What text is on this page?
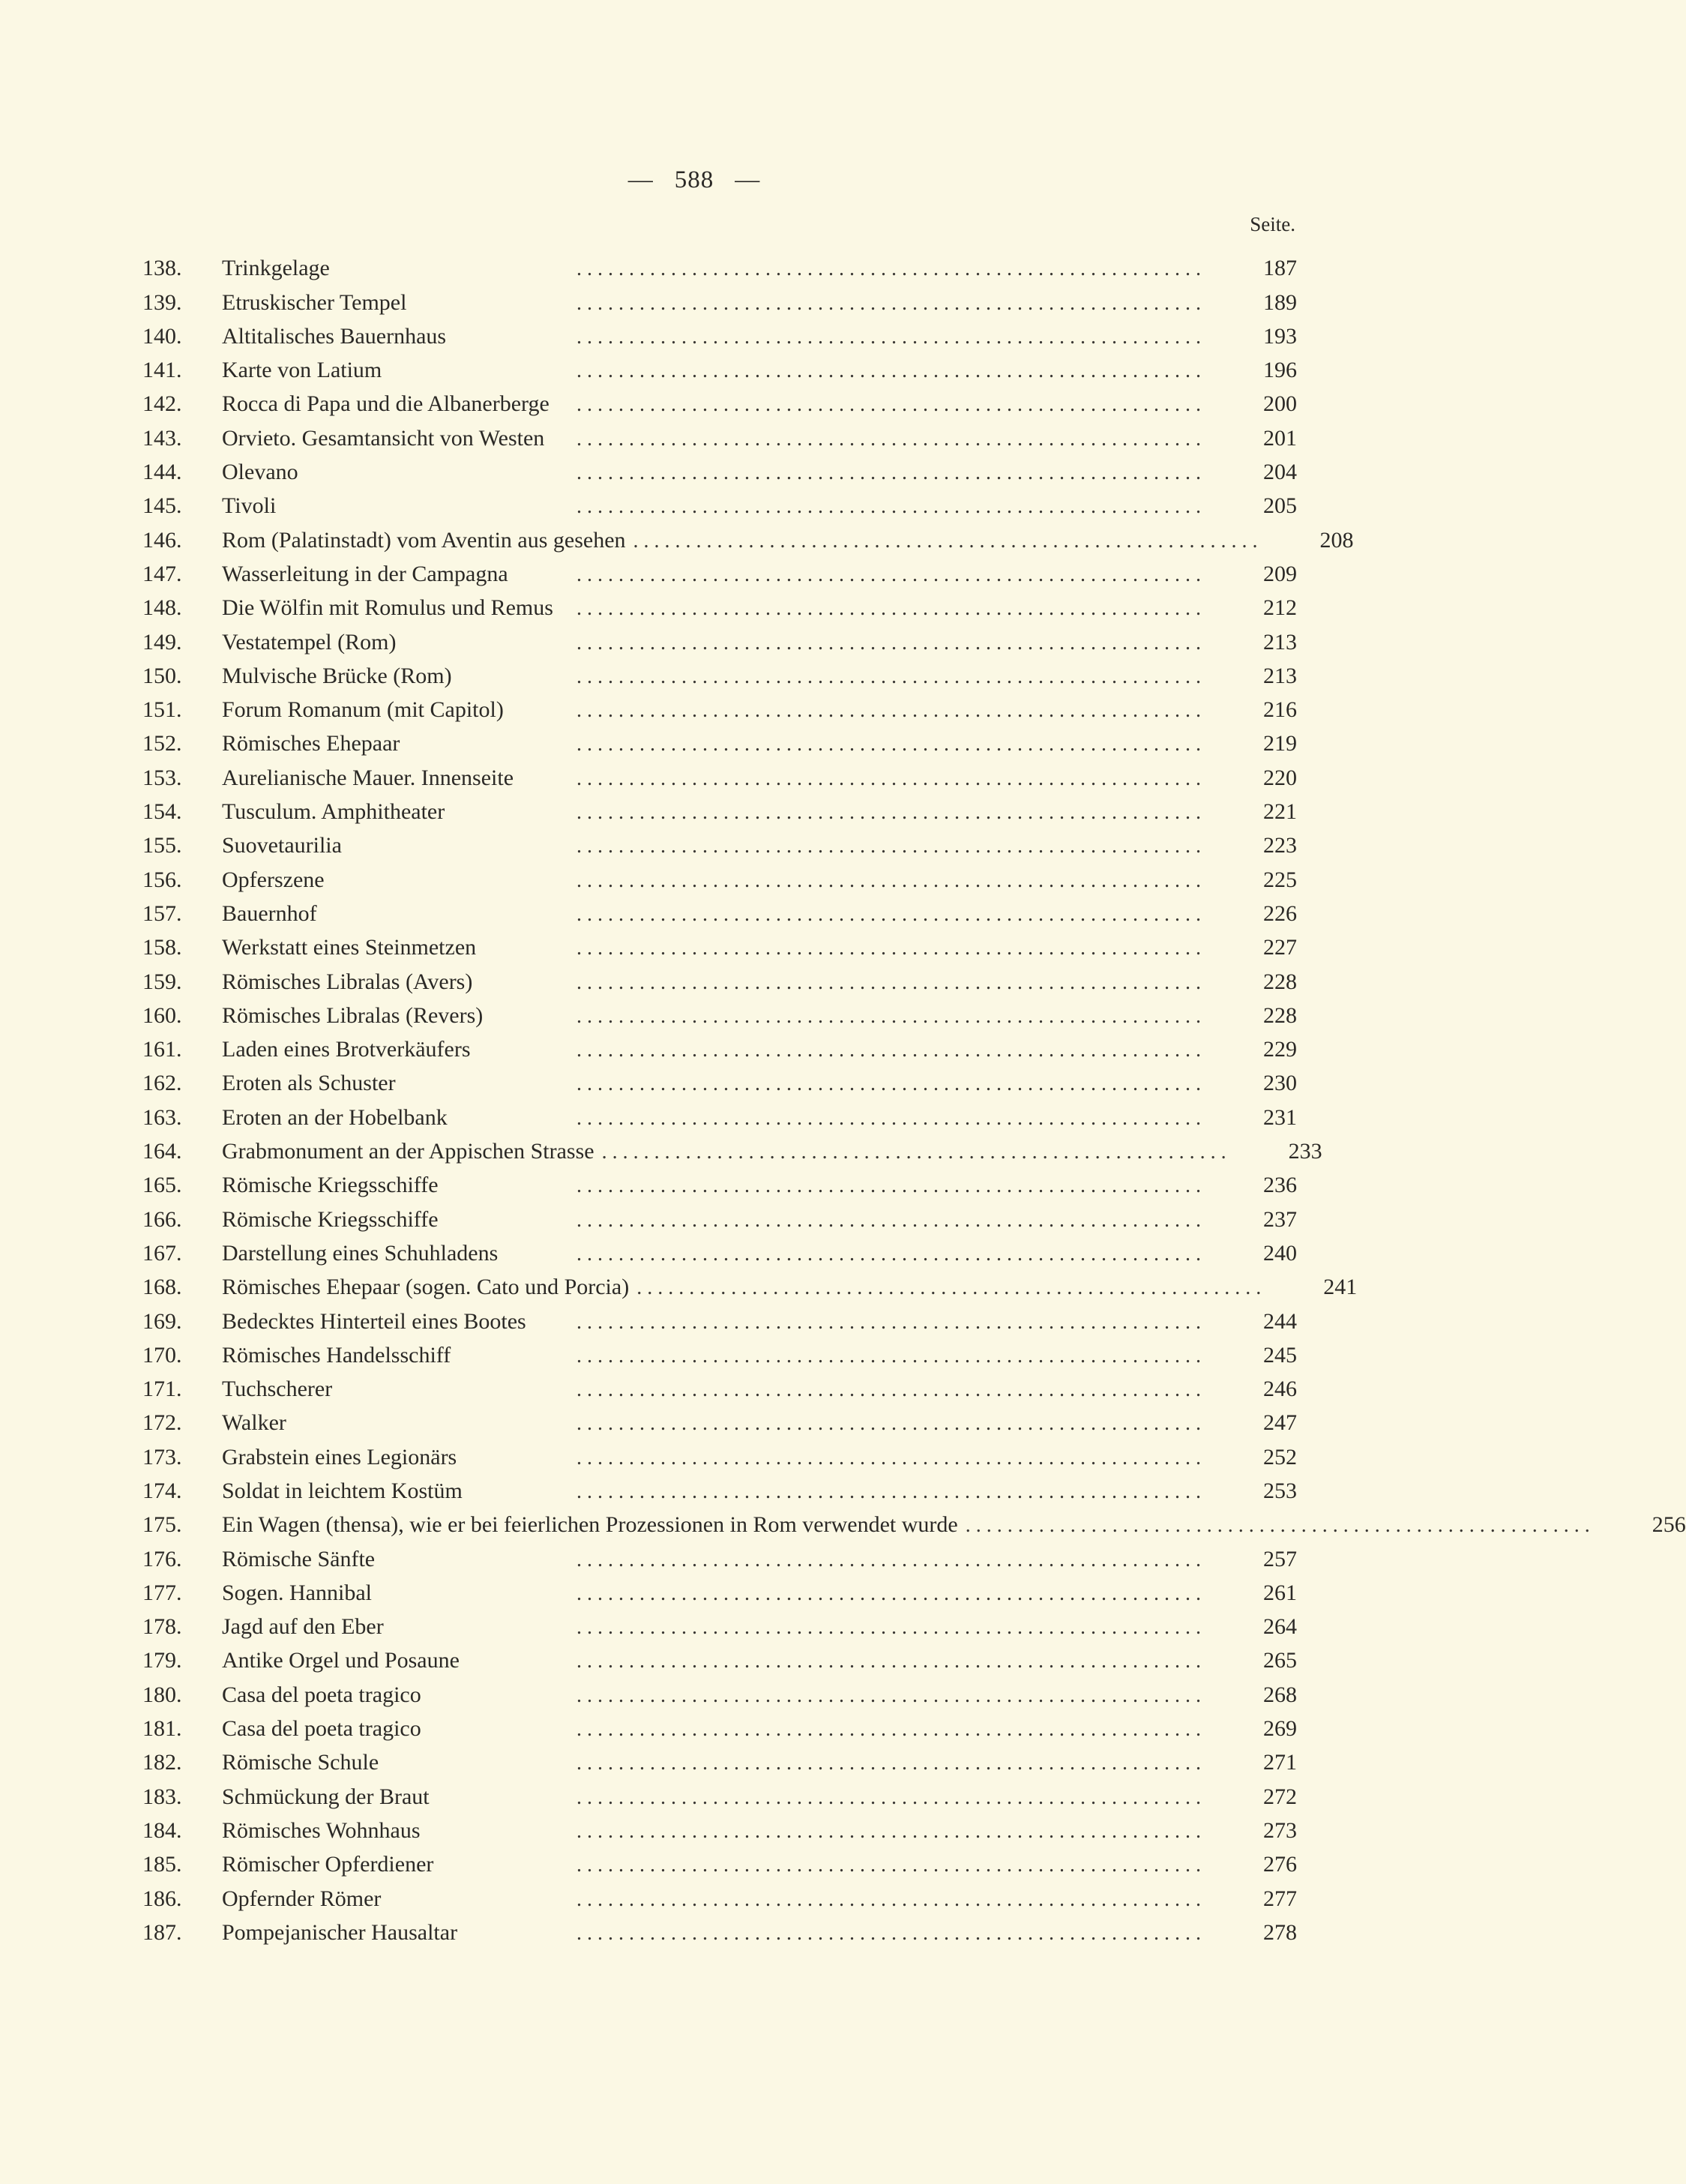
— 588 —
Seite.
138.	Trinkgelage	. . . . . . . . . . . . . . . . . . . . . . . . . . . . . . . . . . . . . . . . . . . . . . . . . . . . . . . . . . . .	187
139.	Etruskischer Tempel	. . . . . . . . . . . . . . . . . . . . . . . . . . . . . . . . . . . . . . . . . . . . . . . . . . . . . . . . . . . .	189
140.	Altitalisches Bauernhaus	. . . . . . . . . . . . . . . . . . . . . . . . . . . . . . . . . . . . . . . . . . . . . . . . . . . . . . . . . . . .	193
141.	Karte von Latium	. . . . . . . . . . . . . . . . . . . . . . . . . . . . . . . . . . . . . . . . . . . . . . . . . . . . . . . . . . . .	196
142.	Rocca di Papa und die Albanerberge	. . . . . . . . . . . . . . . . . . . . . . . . . . . . . . . . . . . . . . . . . . . . . . . . . . . . . . . . . . . .	200
143.	Orvieto. Gesamtansicht von Westen	. . . . . . . . . . . . . . . . . . . . . . . . . . . . . . . . . . . . . . . . . . . . . . . . . . . . . . . . . . . .	201
144.	Olevano	. . . . . . . . . . . . . . . . . . . . . . . . . . . . . . . . . . . . . . . . . . . . . . . . . . . . . . . . . . . .	204
145.	Tivoli	. . . . . . . . . . . . . . . . . . . . . . . . . . . . . . . . . . . . . . . . . . . . . . . . . . . . . . . . . . . .	205
146.	Rom (Palatinstadt) vom Aventin aus gesehen . . . . . . . . . . . . . . . . . . . . . . . . . . . . . . . . . . . . . . . . . . . . . . . . . . . . . . . . . . . .	208
147.	Wasserleitung in der Campagna	. . . . . . . . . . . . . . . . . . . . . . . . . . . . . . . . . . . . . . . . . . . . . . . . . . . . . . . . . . . .	209
148.	Die Wölfin mit Romulus und Remus	. . . . . . . . . . . . . . . . . . . . . . . . . . . . . . . . . . . . . . . . . . . . . . . . . . . . . . . . . . . .	212
149.	Vestatempel (Rom)	. . . . . . . . . . . . . . . . . . . . . . . . . . . . . . . . . . . . . . . . . . . . . . . . . . . . . . . . . . . .	213
150.	Mulvische Brücke (Rom)	. . . . . . . . . . . . . . . . . . . . . . . . . . . . . . . . . . . . . . . . . . . . . . . . . . . . . . . . . . . .	213
151.	Forum Romanum (mit Capitol)	. . . . . . . . . . . . . . . . . . . . . . . . . . . . . . . . . . . . . . . . . . . . . . . . . . . . . . . . . . . .	216
152.	Römisches Ehepaar	. . . . . . . . . . . . . . . . . . . . . . . . . . . . . . . . . . . . . . . . . . . . . . . . . . . . . . . . . . . .	219
153.	Aurelianische Mauer. Innenseite	. . . . . . . . . . . . . . . . . . . . . . . . . . . . . . . . . . . . . . . . . . . . . . . . . . . . . . . . . . . .	220
154.	Tusculum. Amphitheater	. . . . . . . . . . . . . . . . . . . . . . . . . . . . . . . . . . . . . . . . . . . . . . . . . . . . . . . . . . . .	221
155.	Suovetaurilia	. . . . . . . . . . . . . . . . . . . . . . . . . . . . . . . . . . . . . . . . . . . . . . . . . . . . . . . . . . . .	223
156.	Opferszene	. . . . . . . . . . . . . . . . . . . . . . . . . . . . . . . . . . . . . . . . . . . . . . . . . . . . . . . . . . . .	225
157.	Bauernhof	. . . . . . . . . . . . . . . . . . . . . . . . . . . . . . . . . . . . . . . . . . . . . . . . . . . . . . . . . . . .	226
158.	Werkstatt eines Steinmetzen	. . . . . . . . . . . . . . . . . . . . . . . . . . . . . . . . . . . . . . . . . . . . . . . . . . . . . . . . . . . .	227
159.	Römisches Libralas (Avers)	. . . . . . . . . . . . . . . . . . . . . . . . . . . . . . . . . . . . . . . . . . . . . . . . . . . . . . . . . . . .	228
160.	Römisches Libralas (Revers)	. . . . . . . . . . . . . . . . . . . . . . . . . . . . . . . . . . . . . . . . . . . . . . . . . . . . . . . . . . . .	228
161.	Laden eines Brotverkäufers	. . . . . . . . . . . . . . . . . . . . . . . . . . . . . . . . . . . . . . . . . . . . . . . . . . . . . . . . . . . .	229
162.	Eroten als Schuster	. . . . . . . . . . . . . . . . . . . . . . . . . . . . . . . . . . . . . . . . . . . . . . . . . . . . . . . . . . . .	230
163.	Eroten an der Hobelbank	. . . . . . . . . . . . . . . . . . . . . . . . . . . . . . . . . . . . . . . . . . . . . . . . . . . . . . . . . . . .	231
164.	Grabmonument an der Appischen Strasse . . . . . . . . . . . . . . . . . . . . . . . . . . . . . . . . . . . . . . . . . . . . . . . . . . . . . . . . . . . .	233
165.	Römische Kriegsschiffe	. . . . . . . . . . . . . . . . . . . . . . . . . . . . . . . . . . . . . . . . . . . . . . . . . . . . . . . . . . . .	236
166.	Römische Kriegsschiffe	. . . . . . . . . . . . . . . . . . . . . . . . . . . . . . . . . . . . . . . . . . . . . . . . . . . . . . . . . . . .	237
167.	Darstellung eines Schuhladens	. . . . . . . . . . . . . . . . . . . . . . . . . . . . . . . . . . . . . . . . . . . . . . . . . . . . . . . . . . . .	240
168.	Römisches Ehepaar (sogen. Cato und Porcia) . . . . . . . . . . . . . . . . . . . . . . . . . . . . . . . . . . . . . . . . . . . . . . . . . . . . . . . . . . . .	241
169.	Bedecktes Hinterteil eines Bootes	. . . . . . . . . . . . . . . . . . . . . . . . . . . . . . . . . . . . . . . . . . . . . . . . . . . . . . . . . . . .	244
170.	Römisches Handelsschiff	. . . . . . . . . . . . . . . . . . . . . . . . . . . . . . . . . . . . . . . . . . . . . . . . . . . . . . . . . . . .	245
171.	Tuchscherer	. . . . . . . . . . . . . . . . . . . . . . . . . . . . . . . . . . . . . . . . . . . . . . . . . . . . . . . . . . . .	246
172.	Walker	. . . . . . . . . . . . . . . . . . . . . . . . . . . . . . . . . . . . . . . . . . . . . . . . . . . . . . . . . . . .	247
173.	Grabstein eines Legionärs	. . . . . . . . . . . . . . . . . . . . . . . . . . . . . . . . . . . . . . . . . . . . . . . . . . . . . . . . . . . .	252
174.	Soldat in leichtem Kostüm	. . . . . . . . . . . . . . . . . . . . . . . . . . . . . . . . . . . . . . . . . . . . . . . . . . . . . . . . . . . .	253
175.	Ein Wagen (thensa), wie er bei feierlichen Prozessionen in Rom verwendet wurde . . . . . . . . . . . . . . . . . . . . . . . . . . . . . . . . . . . . . . . . . . . . . . . . . . . . . . . . . . . .	256
176.	Römische Sänfte	. . . . . . . . . . . . . . . . . . . . . . . . . . . . . . . . . . . . . . . . . . . . . . . . . . . . . . . . . . . .	257
177.	Sogen. Hannibal	. . . . . . . . . . . . . . . . . . . . . . . . . . . . . . . . . . . . . . . . . . . . . . . . . . . . . . . . . . . .	261
178.	Jagd auf den Eber	. . . . . . . . . . . . . . . . . . . . . . . . . . . . . . . . . . . . . . . . . . . . . . . . . . . . . . . . . . . .	264
179.	Antike Orgel und Posaune	. . . . . . . . . . . . . . . . . . . . . . . . . . . . . . . . . . . . . . . . . . . . . . . . . . . . . . . . . . . .	265
180.	Casa del poeta tragico	. . . . . . . . . . . . . . . . . . . . . . . . . . . . . . . . . . . . . . . . . . . . . . . . . . . . . . . . . . . .	268
181.	Casa del poeta tragico	. . . . . . . . . . . . . . . . . . . . . . . . . . . . . . . . . . . . . . . . . . . . . . . . . . . . . . . . . . . .	269
182.	Römische Schule	. . . . . . . . . . . . . . . . . . . . . . . . . . . . . . . . . . . . . . . . . . . . . . . . . . . . . . . . . . . .	271
183.	Schmückung der Braut	. . . . . . . . . . . . . . . . . . . . . . . . . . . . . . . . . . . . . . . . . . . . . . . . . . . . . . . . . . . .	272
184.	Römisches Wohnhaus	. . . . . . . . . . . . . . . . . . . . . . . . . . . . . . . . . . . . . . . . . . . . . . . . . . . . . . . . . . . .	273
185.	Römischer Opferdiener	. . . . . . . . . . . . . . . . . . . . . . . . . . . . . . . . . . . . . . . . . . . . . . . . . . . . . . . . . . . .	276
186.	Opfernder Römer	. . . . . . . . . . . . . . . . . . . . . . . . . . . . . . . . . . . . . . . . . . . . . . . . . . . . . . . . . . . .	277
187.	Pompejanischer Hausaltar	. . . . . . . . . . . . . . . . . . . . . . . . . . . . . . . . . . . . . . . . . . . . . . . . . . . . . . . . . . . .	278
